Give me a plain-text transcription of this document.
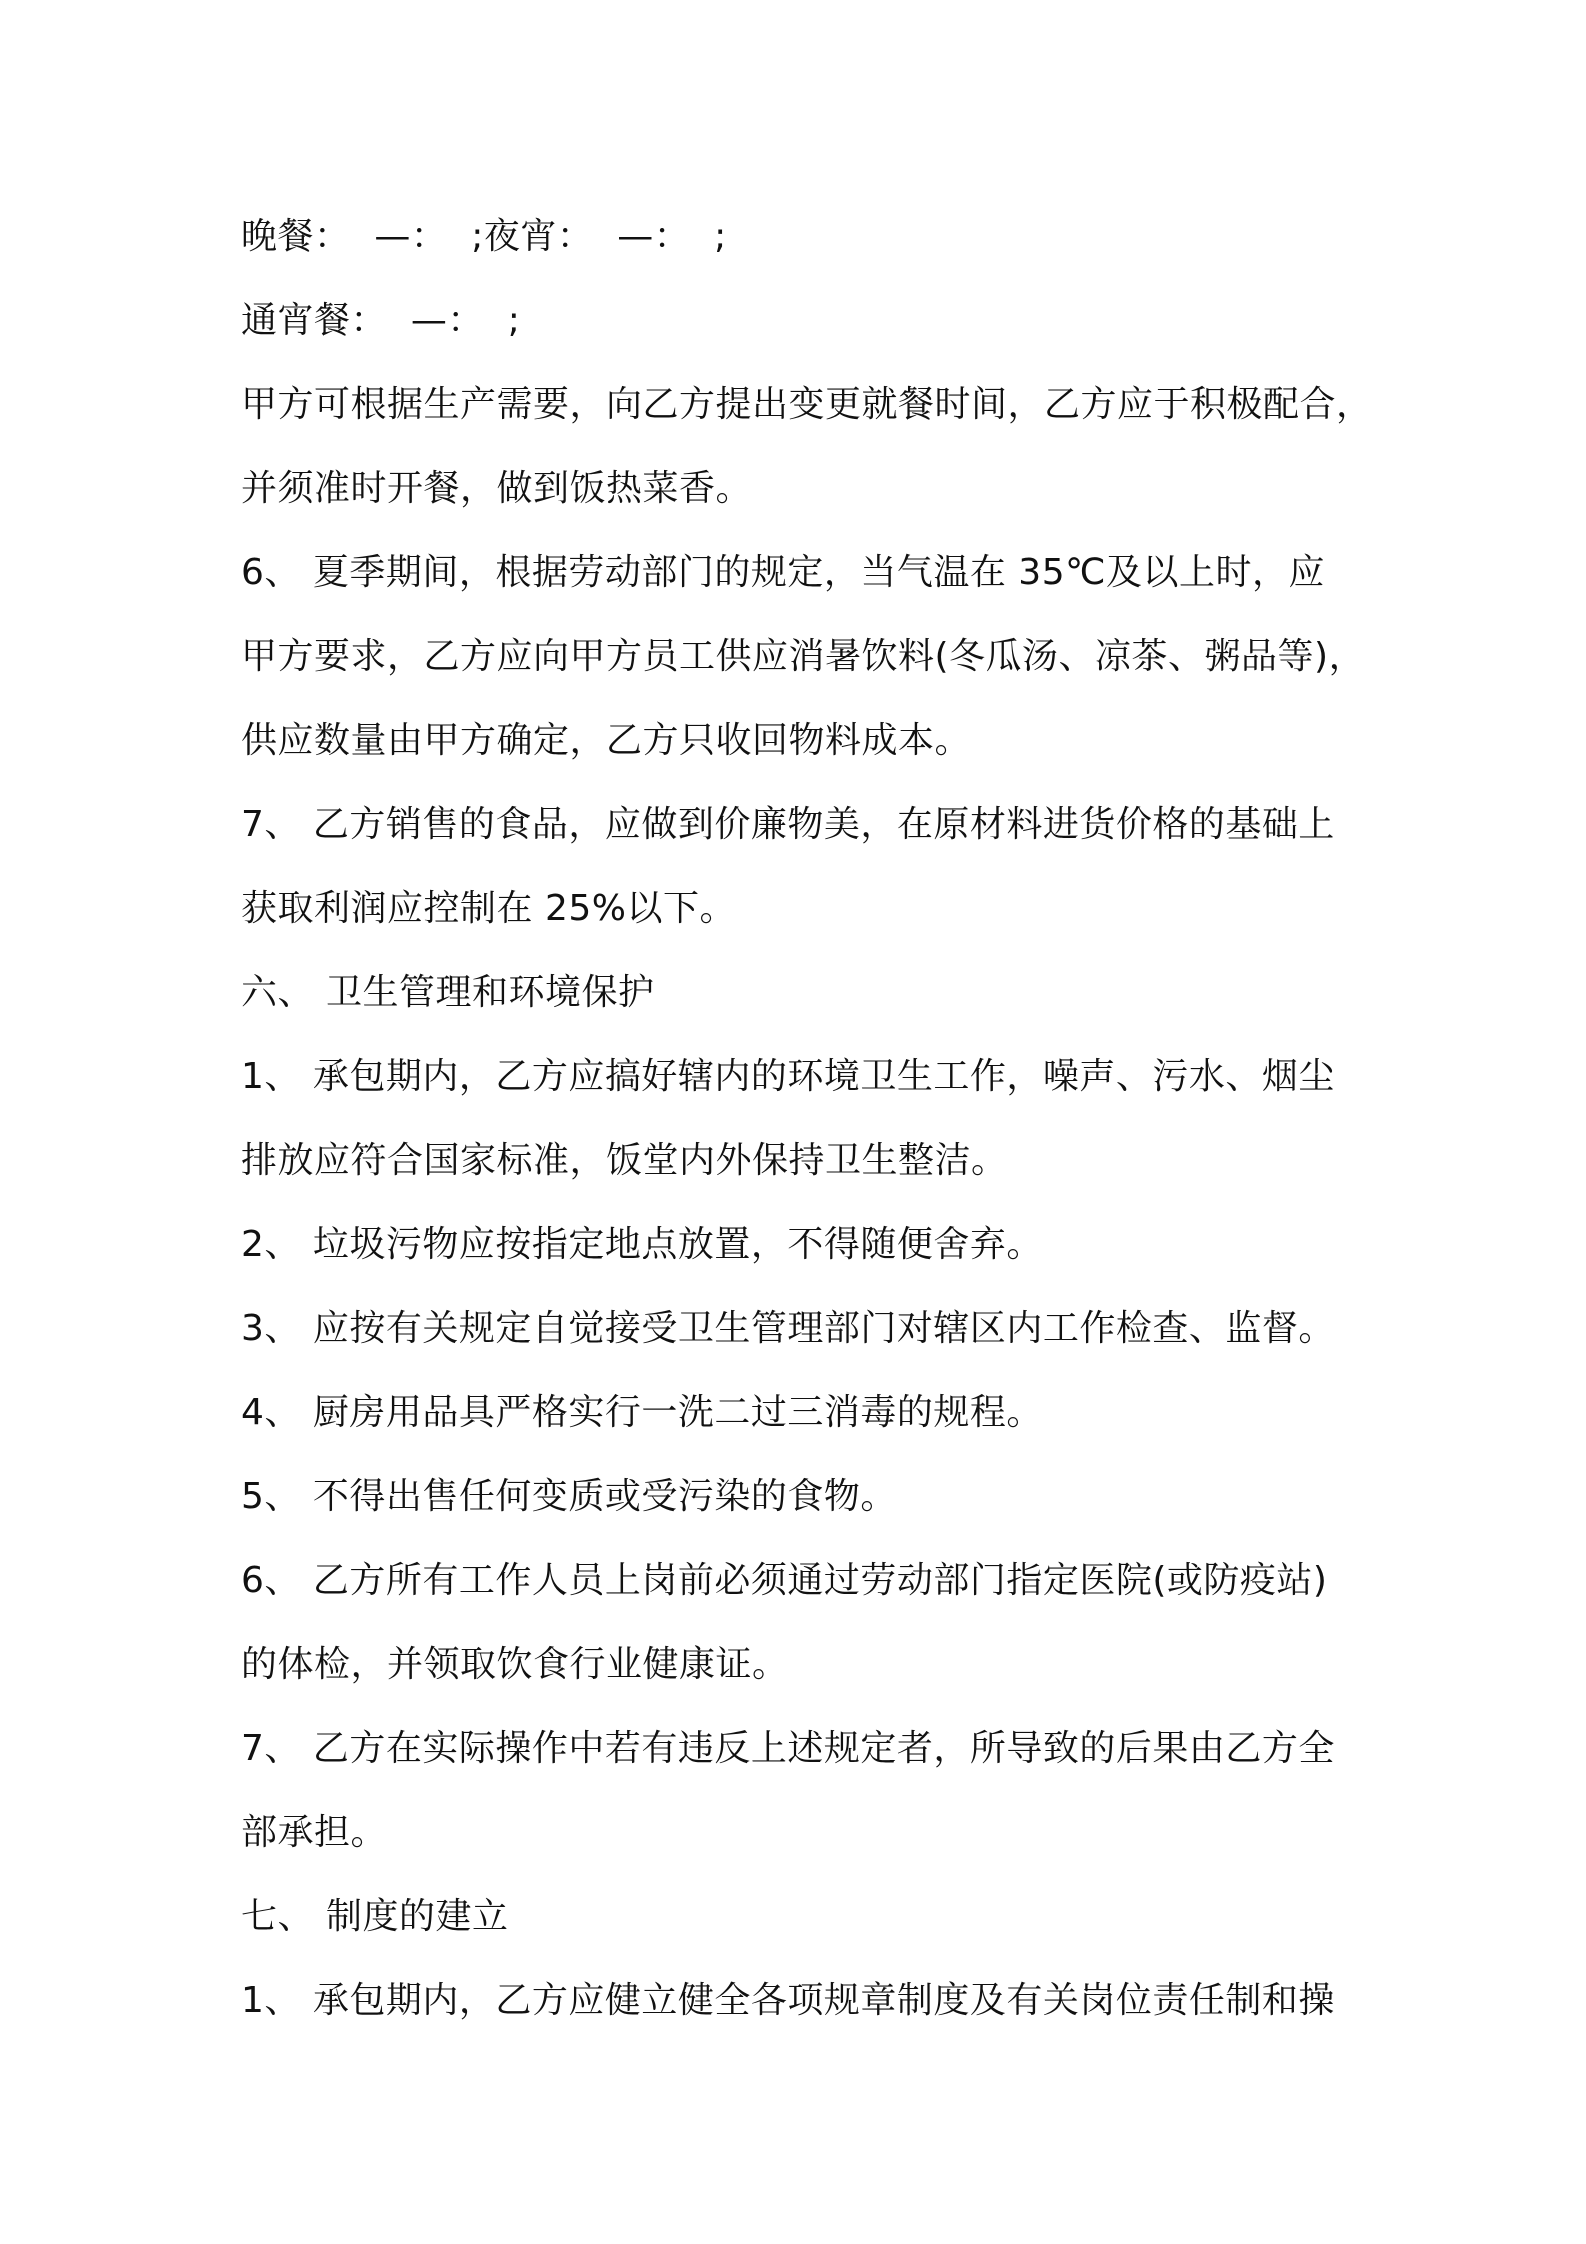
晚餐：  —：  ;夜宵：  —：  ;
通宵餐：  —：  ;
甲方可根据生产需要，向乙方提出变更就餐时间，乙方应于积极配合，
并须准时开餐，做到饭热菜香。
6、 夏季期间，根据劳动部门的规定，当气温在 35℃及以上时，应
甲方要求，乙方应向甲方员工供应消暑饮料(冬瓜汤、凉茶、粥品等)，
供应数量由甲方确定，乙方只收回物料成本。
7、 乙方销售的食品，应做到价廉物美，在原材料进货价格的基础上
获取利润应控制在 25%以下。
六、 卫生管理和环境保护
1、 承包期内，乙方应搞好辖内的环境卫生工作，噪声、污水、烟尘
排放应符合国家标准，饭堂内外保持卫生整洁。
2、 垃圾污物应按指定地点放置，不得随便舍弃。
3、 应按有关规定自觉接受卫生管理部门对辖区内工作检查、监督。
4、 厨房用品具严格实行一洗二过三消毒的规程。
5、 不得出售任何变质或受污染的食物。
6、 乙方所有工作人员上岗前必须通过劳动部门指定医院(或防疫站)
的体检，并领取饮食行业健康证。
7、 乙方在实际操作中若有违反上述规定者，所导致的后果由乙方全
部承担。
七、 制度的建立
1、 承包期内，乙方应健立健全各项规章制度及有关岗位责任制和操
